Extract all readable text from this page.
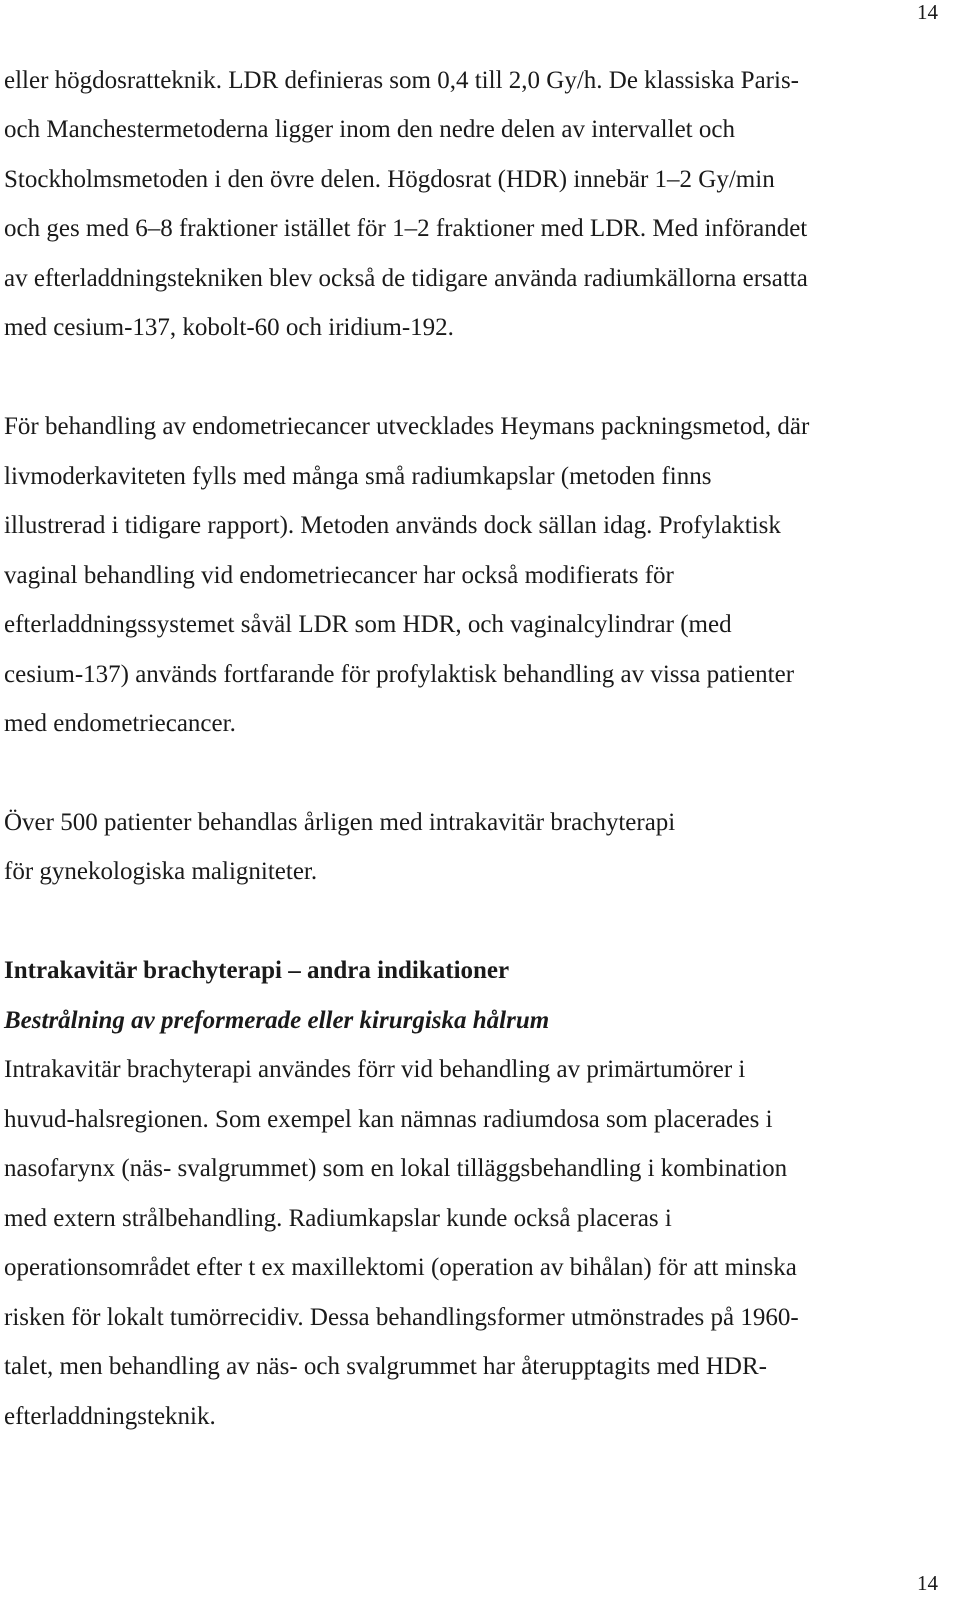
14
eller högdosratteknik. LDR definieras som 0,4 till 2,0 Gy/h. De klassiska Paris-
och Manchestermetoderna ligger inom den nedre delen av intervallet och
Stockholmsmetoden i den övre delen. Högdosrat (HDR) innebär 1–2 Gy/min
och ges med 6–8 fraktioner istället för 1–2 fraktioner med LDR. Med införandet
av efterladdningstekniken blev också de tidigare använda radiumkällorna ersatta
med cesium-137, kobolt-60 och iridium-192.
För behandling av endometriecancer utvecklades Heymans packningsmetod, där
livmoderkaviteten fylls med många små radiumkapslar (metoden finns
illustrerad i tidigare rapport). Metoden används dock sällan idag. Profylaktisk
vaginal behandling vid endometriecancer har också modifierats för
efterladdningssystemet såväl LDR som HDR, och vaginalcylindrar (med
cesium-137) används fortfarande för profylaktisk behandling av vissa patienter
med endometriecancer.
Över 500 patienter behandlas årligen med intrakavitär brachyterapi
för gynekologiska maligniteter.
Intrakavitär brachyterapi – andra indikationer
Bestrålning av preformerade eller kirurgiska hålrum
Intrakavitär brachyterapi användes förr vid behandling av primärtumörer i
huvud-halsregionen. Som exempel kan nämnas radiumdosa som placerades i
nasofarynx (näs- svalgrummet) som en lokal tilläggsbehandling i kombination
med extern strålbehandling. Radiumkapslar kunde också placeras i
operationsområdet efter t ex maxillektomi (operation av bihålan) för att minska
risken för lokalt tumörrecidiv. Dessa behandlingsformer utmönstrades på 1960-
talet, men behandling av näs- och svalgrummet har återupptagits med HDR-
efterladdningsteknik.
14
